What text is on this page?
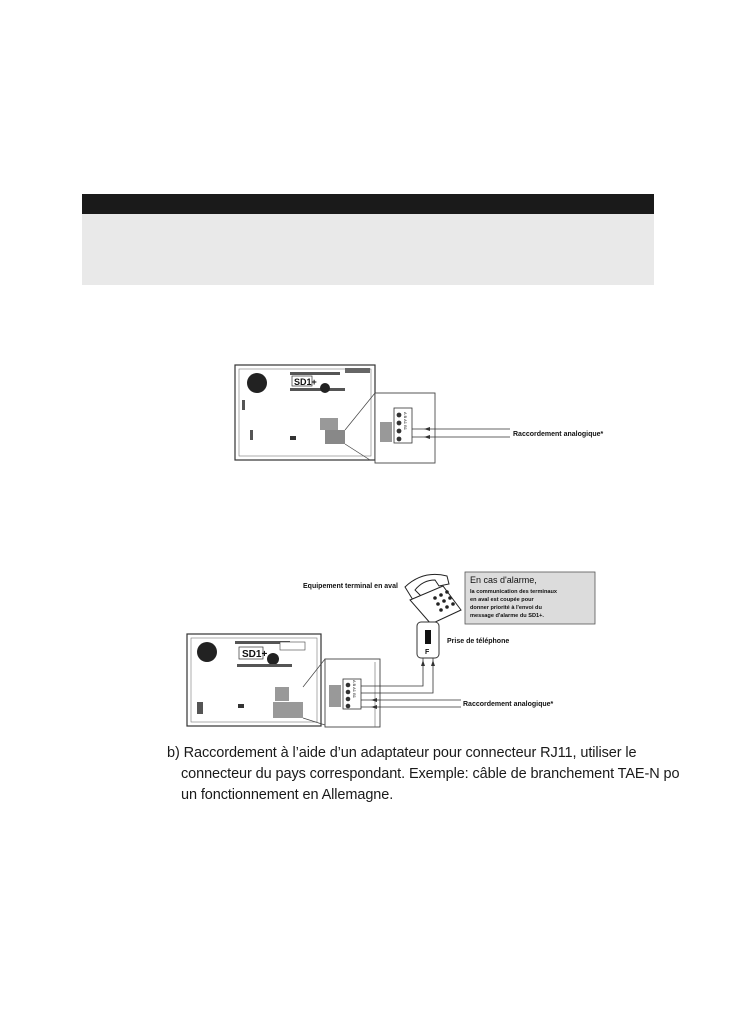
SD1+
A B A1 B1
Raccordement analogique*
Equipement terminal en aval
En cas d'alarme,
la communication des terminaux
en aval est coupée pour
donner priorité à l'envoi du
message d'alarme du SD1+.
F
Prise de téléphone
SD1+
A B A1 B1
Raccordement analogique*
b) Raccordement à l’aide d’un adaptateur pour connecteur RJ11, utiliser le
connecteur du pays correspondant. Exemple: câble de branchement TAE-N po
un fonctionnement en Allemagne.
